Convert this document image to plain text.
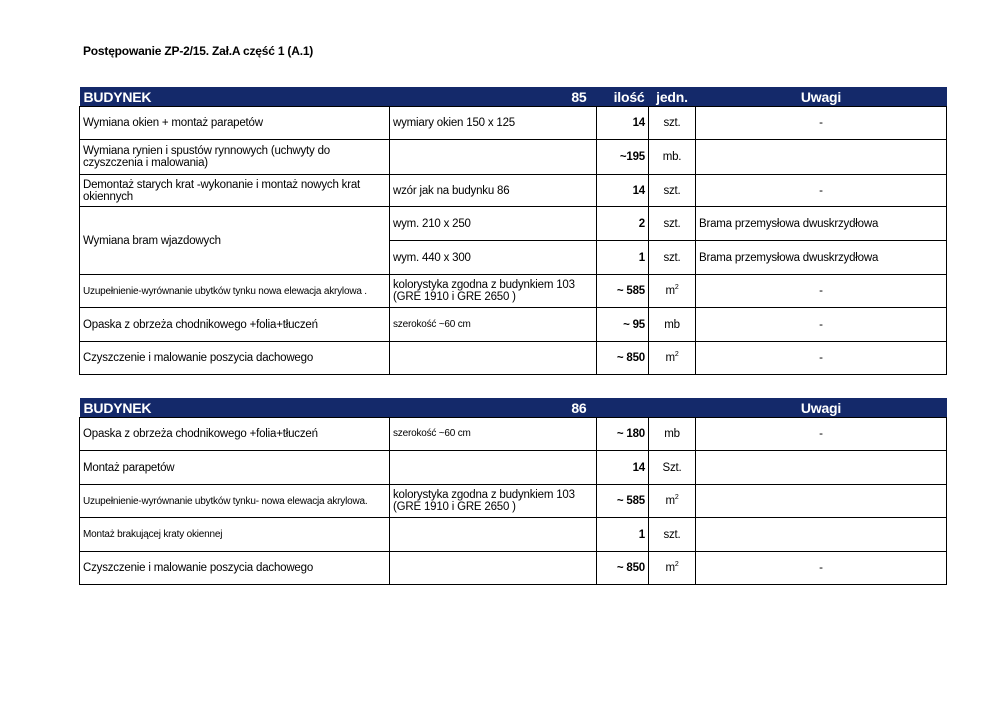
Postępowanie ZP-2/15. Zał.A część 1 (A.1)
BUDYNEK	85	ilość	jedn.	Uwagi
Wymiana okien + montaż parapetów	wymiary okien 150 x 125	14	szt.	-
Wymiana rynien i spustów rynnowych (uchwyty do czyszczenia i malowania)		~195	mb.	
Demontaż starych krat -wykonanie i montaż nowych krat okiennych	wzór jak na budynku 86	14	szt.	-
Wymiana bram wjazdowych	wym. 210 x 250	2	szt.	Brama przemysłowa dwuskrzydłowa
	wym. 440 x 300	1	szt.	Brama przemysłowa dwuskrzydłowa
Uzupełnienie-wyrównanie ubytków tynku nowa elewacja akrylowa .	kolorystyka zgodna z budynkiem 103 (GRE 1910 i GRE 2650 )	~ 585	$m^2$	-
Opaska z obrzeża chodnikowego +folia+tłuczeń	szerokość ~60 cm	~ 95	mb	-
Czyszczenie i malowanie poszycia dachowego		~ 850	$m^2$	-
BUDYNEK	86			Uwagi
Opaska z obrzeża chodnikowego +folia+tłuczeń	szerokość ~60 cm	~ 180	mb	-
Montaż parapetów		14	Szt.	
Uzupełnienie-wyrównanie ubytków tynku- nowa elewacja akrylowa.	kolorystyka zgodna z budynkiem 103 (GRE 1910 i GRE 2650 )	~ 585	$m^2$	
Montaż brakującej kraty okiennej		1	szt.	
Czyszczenie i malowanie poszycia dachowego		~ 850	$m^2$	-
